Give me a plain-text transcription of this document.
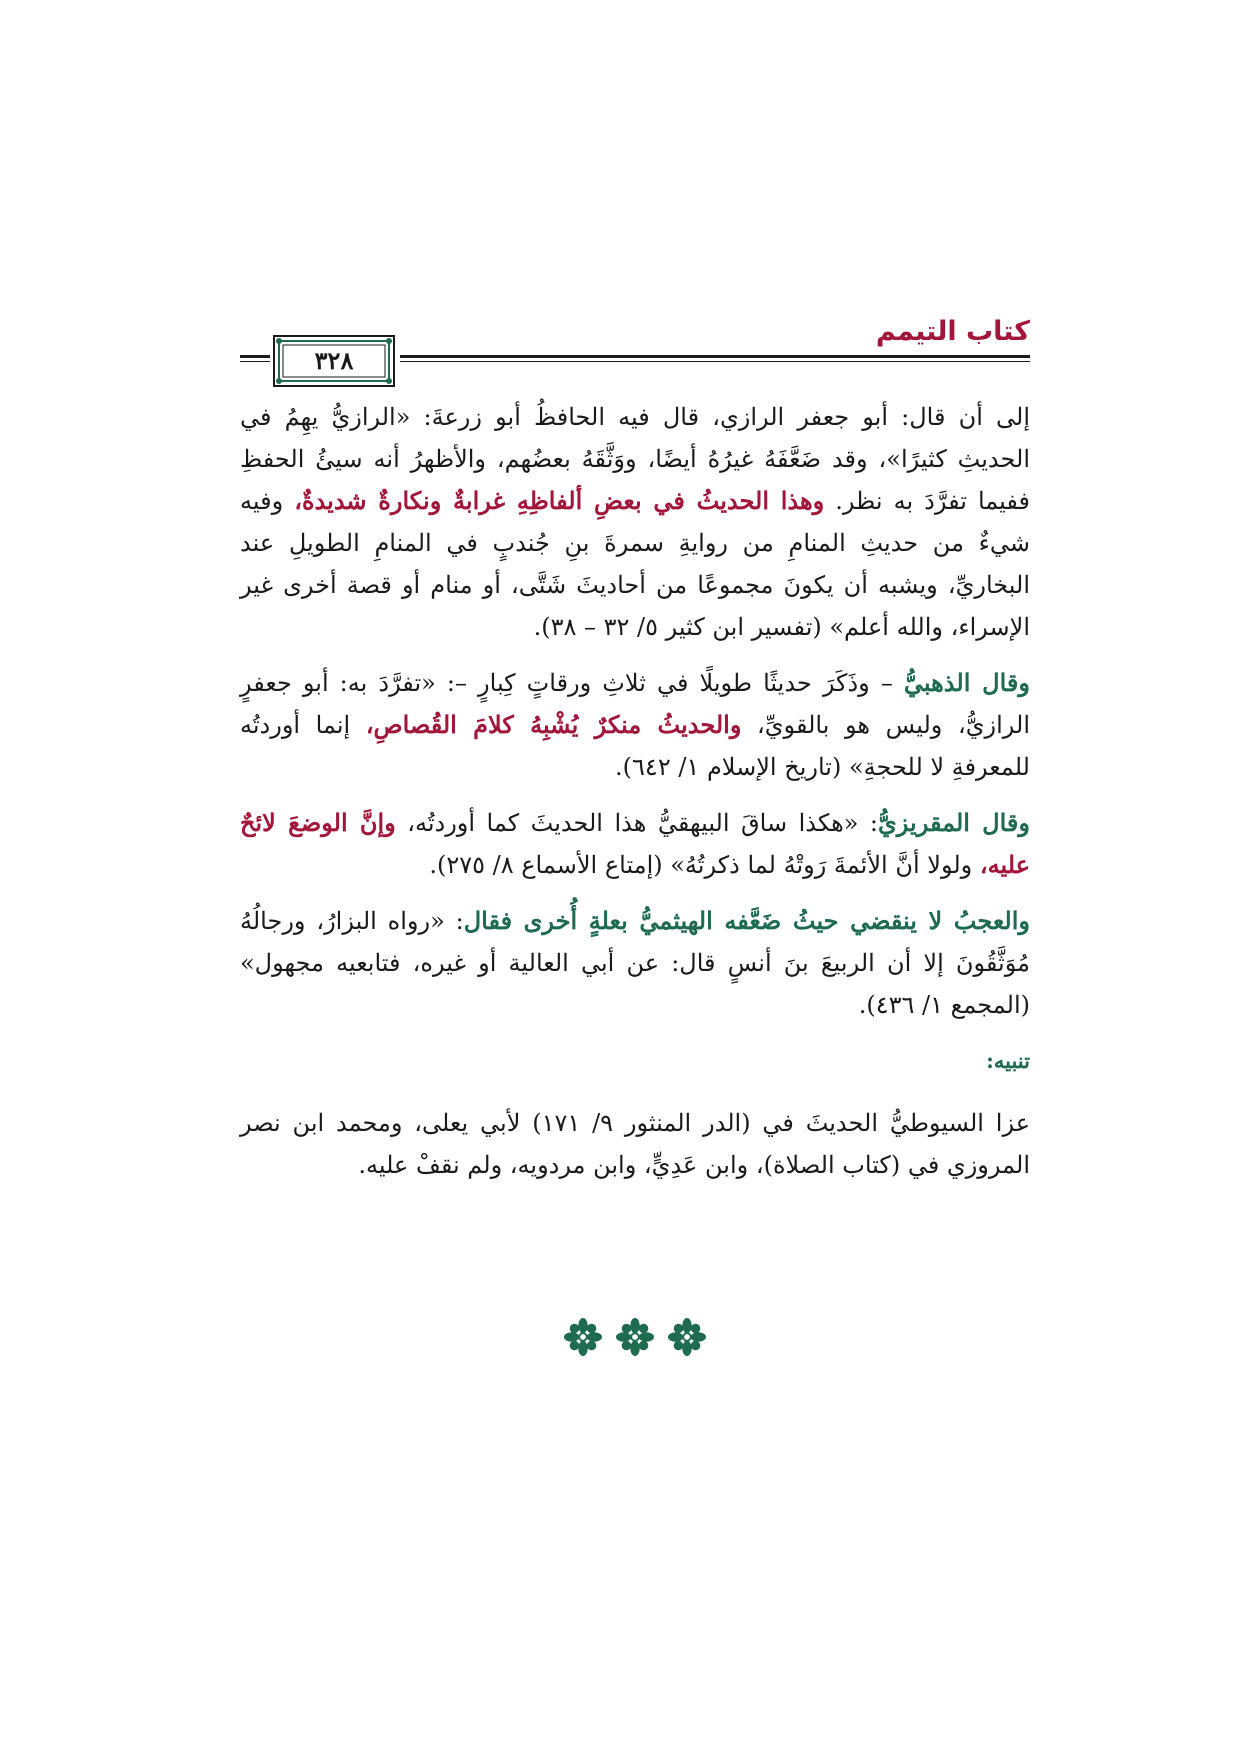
كتاب التيمم
٣٢٨

إلى أن قال: أبو جعفر الرازي، قال فيه الحافظُ أبو زرعةَ: «الرازيُّ يهِمُ في الحديثِ كثيرًا»، وقد ضَعَّفَهُ غيرُهُ أيضًا، ووَثَّقَهُ بعضُهم، والأظهرُ أنه سيئُ الحفظِ ففيما تفرَّدَ به نظر. وهذا الحديثُ في بعضِ ألفاظِهِ غرابةٌ ونكارةٌ شديدةٌ، وفيه شيءٌ من حديثِ المنامِ من روايةِ سمرةَ بنِ جُندبٍ في المنامِ الطويلِ عند البخاريِّ، ويشبه أن يكونَ مجموعًا من أحاديثَ شَتَّى، أو منام أو قصة أخرى غير الإسراء، والله أعلم» (تفسير ابن كثير ٥/ ٣٢ – ٣٨).

وقال الذهبيُّ – وذَكَرَ حديثًا طويلًا في ثلاثِ ورقاتٍ كِبارٍ –: «تفرَّدَ به: أبو جعفرٍ الرازيُّ، وليس هو بالقويِّ، والحديثُ منكرٌ يُشْبِهُ كلامَ القُصاصِ، إنما أوردتُه للمعرفةِ لا للحجةِ» (تاريخ الإسلام ١/ ٦٤٢).

وقال المقريزيُّ: «هكذا ساقَ البيهقيُّ هذا الحديثَ كما أوردتُه، وإنَّ الوضعَ لائحٌ عليه، ولولا أنَّ الأئمةَ رَوتْهُ لما ذكرتُهُ» (إمتاع الأسماع ٨/ ٢٧٥).

والعجبُ لا ينقضي حيثُ ضَعَّفه الهيثميُّ بعلةٍ أُخرى فقال: «رواه البزارُ، ورجالُهُ مُوَثَّقُونَ إلا أن الربيعَ بنَ أنسٍ قال: عن أبي العالية أو غيره، فتابعيه مجهول» (المجمع ١/ ٤٣٦).

تنبيه:

عزا السيوطيُّ الحديثَ في (الدر المنثور ٩/ ١٧١) لأبي يعلى، ومحمد ابن نصر المروزي في (كتاب الصلاة)، وابن عَدِيٍّ، وابن مردويه، ولم نقفْ عليه.
